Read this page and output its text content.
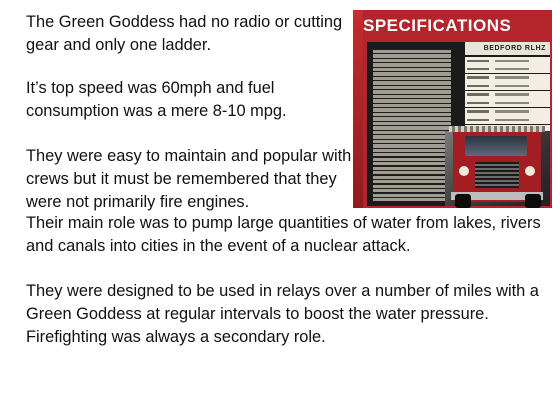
The Green Goddess had no radio or cutting gear and only one ladder.

It’s top speed was 60mph and fuel consumption was a mere 8-10 mpg.

They were easy to maintain and popular with crews but it must be remembered that they were not primarily fire engines.

Their main role was to pump large quantities of water from lakes, rivers and canals into cities in the event of a nuclear attack.

They were designed to be used in relays over a number of miles with a Green Goddess at regular intervals to boost the water pressure. Firefighting was always a secondary role.

SPECIFICATIONS
BEDFORD RLHZ
